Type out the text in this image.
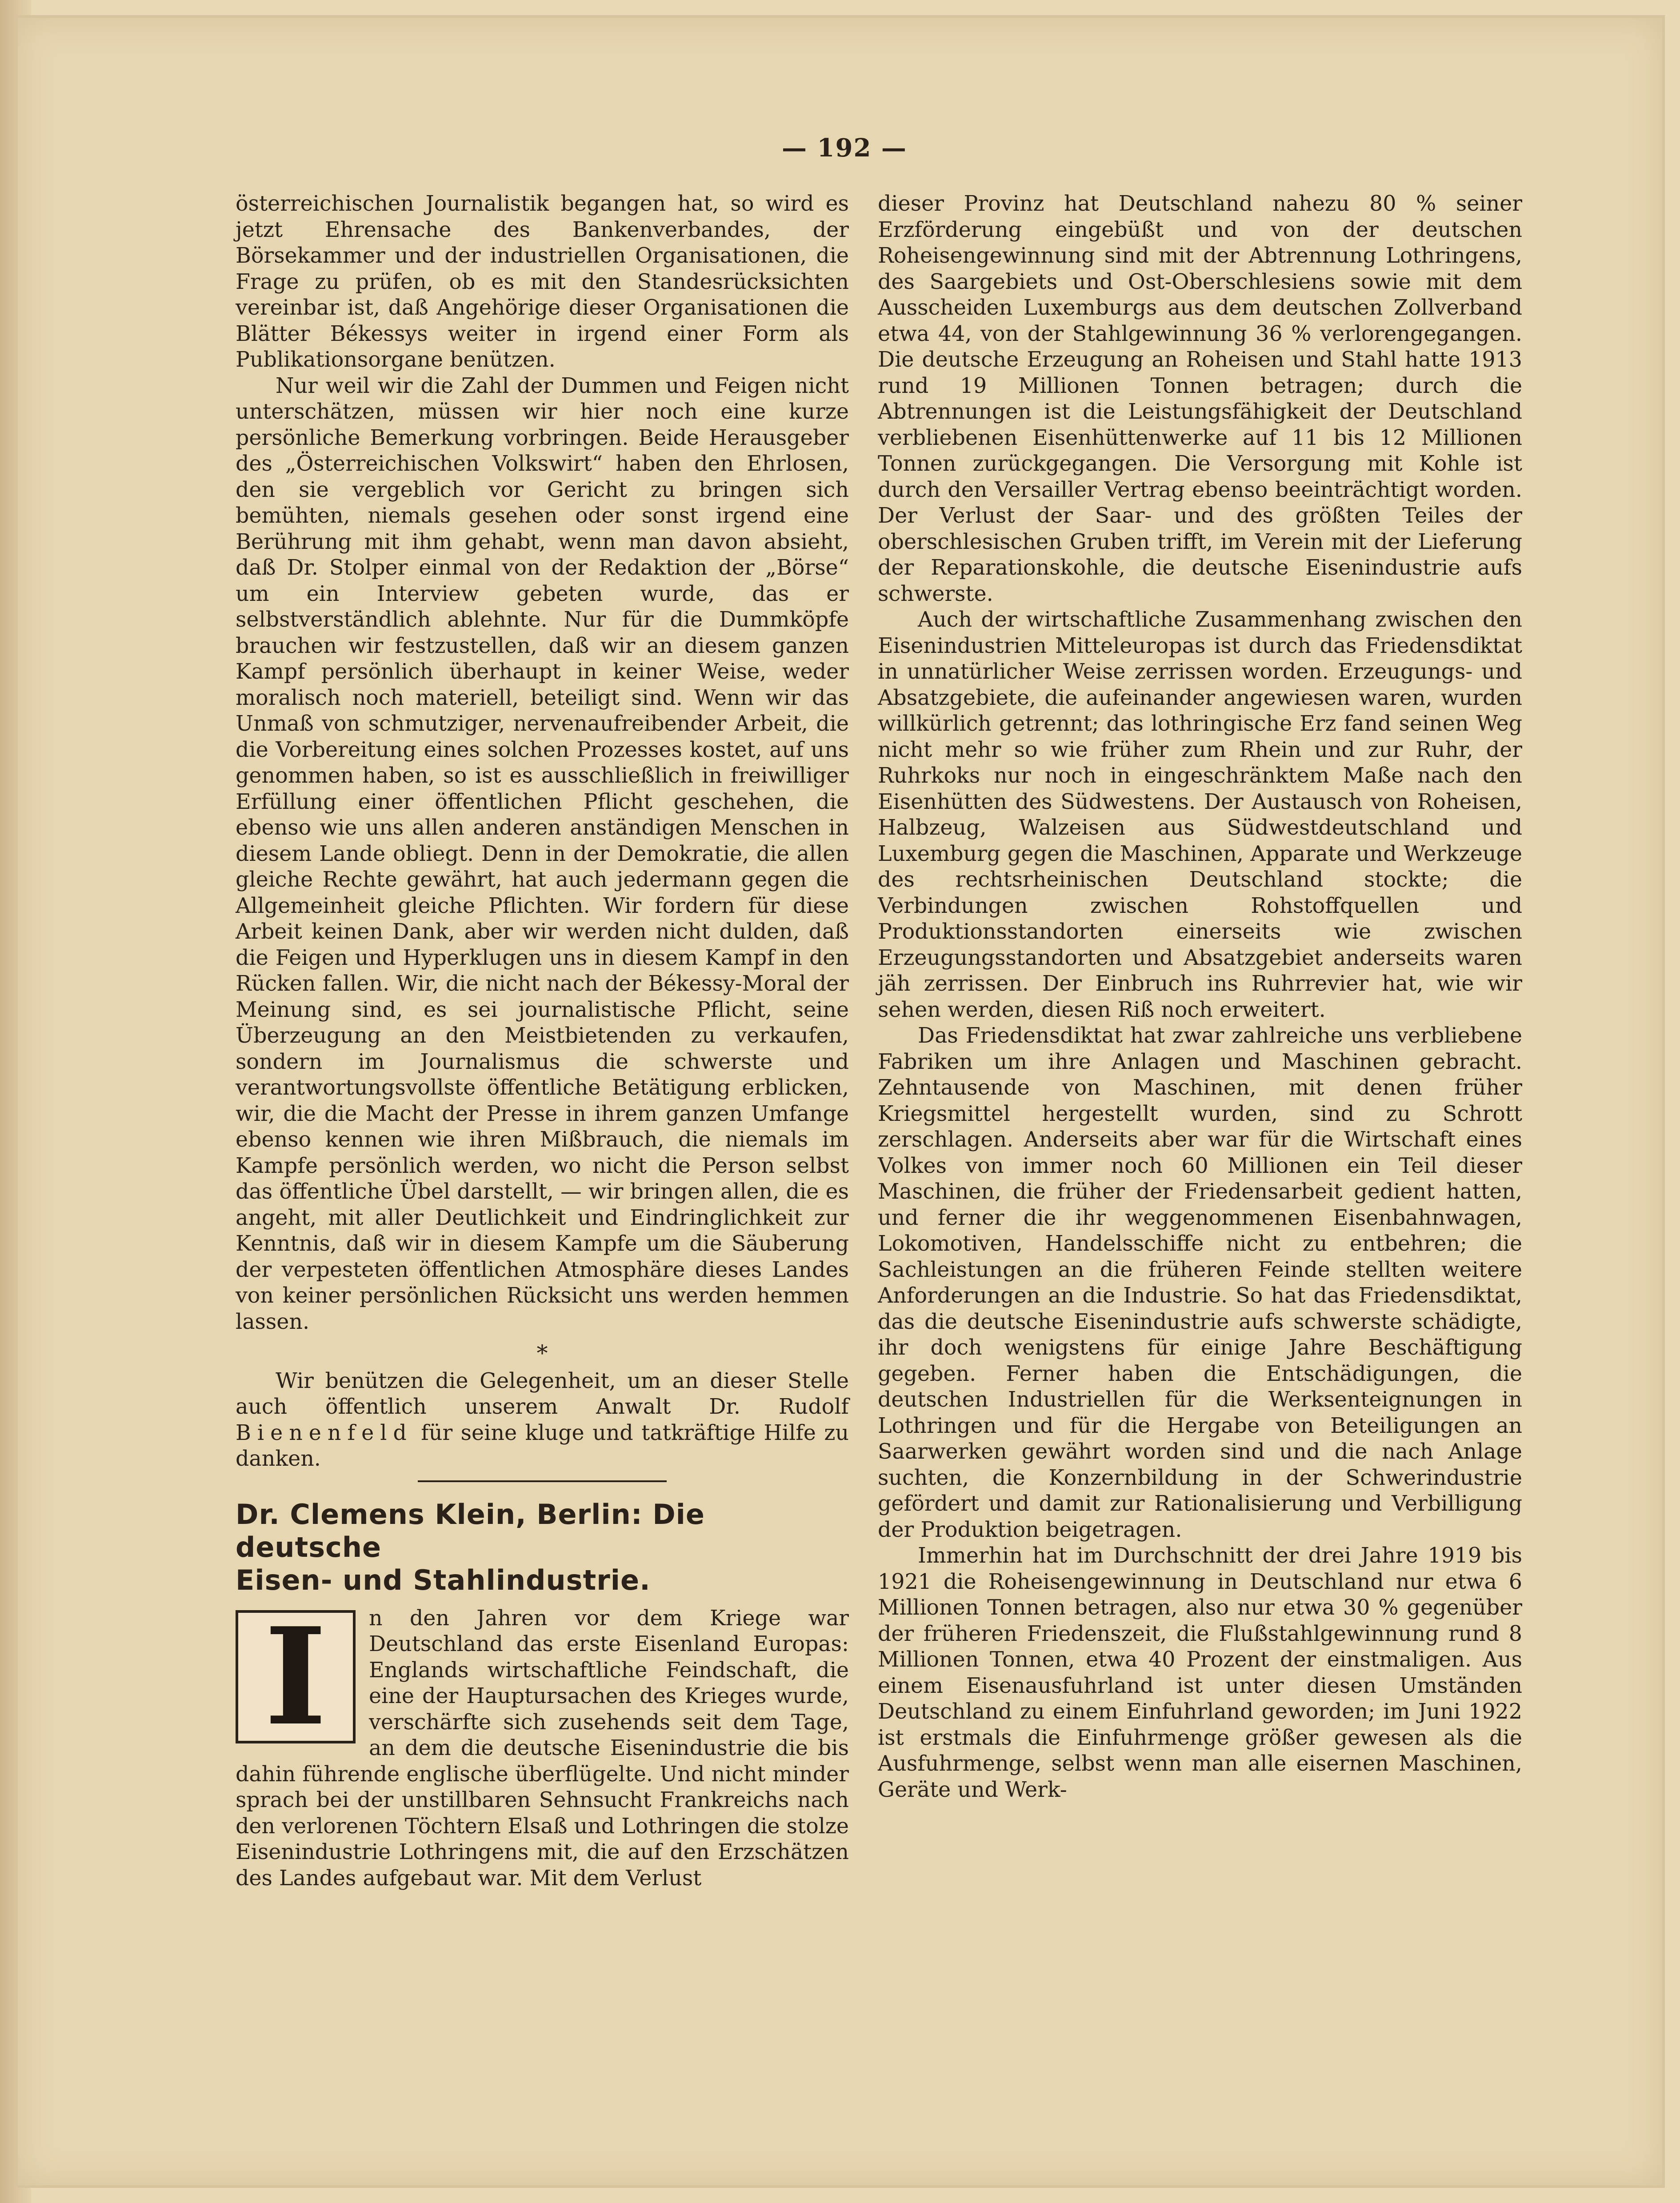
— 192 —

österreichischen Journalistik begangen hat, so wird es jetzt Ehrensache des Bankenverbandes, der Börsekammer und der industriellen Organisationen, die Frage zu prüfen, ob es mit den Standesrücksichten vereinbar ist, daß Angehörige dieser Organisationen die Blätter Békessys weiter in irgend einer Form als Publikationsorgane benützen.

Nur weil wir die Zahl der Dummen und Feigen nicht unterschätzen, müssen wir hier noch eine kurze persönliche Bemerkung vorbringen. Beide Herausgeber des „Österreichischen Volkswirt“ haben den Ehrlosen, den sie vergeblich vor Gericht zu bringen sich bemühten, niemals gesehen oder sonst irgend eine Berührung mit ihm gehabt, wenn man davon absieht, daß Dr. Stolper einmal von der Redaktion der „Börse“ um ein Interview gebeten wurde, das er selbstverständlich ablehnte. Nur für die Dummköpfe brauchen wir festzustellen, daß wir an diesem ganzen Kampf persönlich überhaupt in keiner Weise, weder moralisch noch materiell, beteiligt sind. Wenn wir das Unmaß von schmutziger, nervenaufreibender Arbeit, die die Vorbereitung eines solchen Prozesses kostet, auf uns genommen haben, so ist es ausschließlich in freiwilliger Erfüllung einer öffentlichen Pflicht geschehen, die ebenso wie uns allen anderen anständigen Menschen in diesem Lande obliegt. Denn in der Demokratie, die allen gleiche Rechte gewährt, hat auch jedermann gegen die Allgemeinheit gleiche Pflichten. Wir fordern für diese Arbeit keinen Dank, aber wir werden nicht dulden, daß die Feigen und Hyperklugen uns in diesem Kampf in den Rücken fallen. Wir, die nicht nach der Békessy-Moral der Meinung sind, es sei journalistische Pflicht, seine Überzeugung an den Meistbietenden zu verkaufen, sondern im Journalismus die schwerste und verantwortungsvollste öffentliche Betätigung erblicken, wir, die die Macht der Presse in ihrem ganzen Umfange ebenso kennen wie ihren Mißbrauch, die niemals im Kampfe persönlich werden, wo nicht die Person selbst das öffentliche Übel darstellt, — wir bringen allen, die es angeht, mit aller Deutlichkeit und Eindringlichkeit zur Kenntnis, daß wir in diesem Kampfe um die Säuberung der verpesteten öffentlichen Atmosphäre dieses Landes von keiner persönlichen Rücksicht uns werden hemmen lassen.

*

Wir benützen die Gelegenheit, um an dieser Stelle auch öffentlich unserem Anwalt Dr. Rudolf Bienenfeld für seine kluge und tatkräftige Hilfe zu danken.

Dr. Clemens Klein, Berlin: Die deutsche
Eisen- und Stahlindustrie.
I	n den Jahren vor dem Kriege war Deutschland das erste Eisenland Europas: Englands wirtschaftliche Feindschaft, die eine der Hauptursachen des Krieges wurde, verschärfte sich zusehends seit dem Tage, an dem die deutsche Eisenindustrie die bis dahin führende englische überflügelte. Und nicht minder sprach bei der unstillbaren Sehnsucht Frankreichs nach den verlorenen Töchtern Elsaß und Lothringen die stolze Eisenindustrie Lothringens mit, die auf den Erzschätzen des Landes aufgebaut war. Mit dem Verlust

dieser Provinz hat Deutschland nahezu 80 % seiner Erzförderung eingebüßt und von der deutschen Roheisengewinnung sind mit der Abtrennung Lothringens, des Saargebiets und Ost-Oberschlesiens sowie mit dem Ausscheiden Luxemburgs aus dem deutschen Zollverband etwa 44, von der Stahlgewinnung 36 % verlorengegangen. Die deutsche Erzeugung an Roheisen und Stahl hatte 1913 rund 19 Millionen Tonnen betragen; durch die Abtrennungen ist die Leistungsfähigkeit der Deutschland verbliebenen Eisenhüttenwerke auf 11 bis 12 Millionen Tonnen zurückgegangen. Die Versorgung mit Kohle ist durch den Versailler Vertrag ebenso beeinträchtigt worden. Der Verlust der Saar- und des größten Teiles der oberschlesischen Gruben trifft, im Verein mit der Lieferung der Reparationskohle, die deutsche Eisenindustrie aufs schwerste.

Auch der wirtschaftliche Zusammenhang zwischen den Eisenindustrien Mitteleuropas ist durch das Friedensdiktat in unnatürlicher Weise zerrissen worden. Erzeugungs- und Absatzgebiete, die aufeinander angewiesen waren, wurden willkürlich getrennt; das lothringische Erz fand seinen Weg nicht mehr so wie früher zum Rhein und zur Ruhr, der Ruhrkoks nur noch in eingeschränktem Maße nach den Eisenhütten des Südwestens. Der Austausch von Roheisen, Halbzeug, Walzeisen aus Südwestdeutschland und Luxemburg gegen die Maschinen, Apparate und Werkzeuge des rechtsrheinischen Deutschland stockte; die Verbindungen zwischen Rohstoffquellen und Produktionsstandorten einerseits wie zwischen Erzeugungsstandorten und Absatzgebiet anderseits waren jäh zerrissen. Der Einbruch ins Ruhrrevier hat, wie wir sehen werden, diesen Riß noch erweitert.

Das Friedensdiktat hat zwar zahlreiche uns verbliebene Fabriken um ihre Anlagen und Maschinen gebracht. Zehntausende von Maschinen, mit denen früher Kriegsmittel hergestellt wurden, sind zu Schrott zerschlagen. Anderseits aber war für die Wirtschaft eines Volkes von immer noch 60 Millionen ein Teil dieser Maschinen, die früher der Friedensarbeit gedient hatten, und ferner die ihr weggenommenen Eisenbahnwagen, Lokomotiven, Handelsschiffe nicht zu entbehren; die Sachleistungen an die früheren Feinde stellten weitere Anforderungen an die Industrie. So hat das Friedensdiktat, das die deutsche Eisenindustrie aufs schwerste schädigte, ihr doch wenigstens für einige Jahre Beschäftigung gegeben. Ferner haben die Entschädigungen, die deutschen Industriellen für die Werksenteignungen in Lothringen und für die Hergabe von Beteiligungen an Saarwerken gewährt worden sind und die nach Anlage suchten, die Konzernbildung in der Schwerindustrie gefördert und damit zur Rationalisierung und Verbilligung der Produktion beigetragen.

Immerhin hat im Durchschnitt der drei Jahre 1919 bis 1921 die Roheisengewinnung in Deutschland nur etwa 6 Millionen Tonnen betragen, also nur etwa 30 % gegenüber der früheren Friedenszeit, die Flußstahlgewinnung rund 8 Millionen Tonnen, etwa 40 Prozent der einstmaligen. Aus einem Eisenausfuhrland ist unter diesen Umständen Deutschland zu einem Einfuhrland geworden; im Juni 1922 ist erstmals die Einfuhrmenge größer gewesen als die Ausfuhrmenge, selbst wenn man alle eisernen Maschinen, Geräte und Werk-
